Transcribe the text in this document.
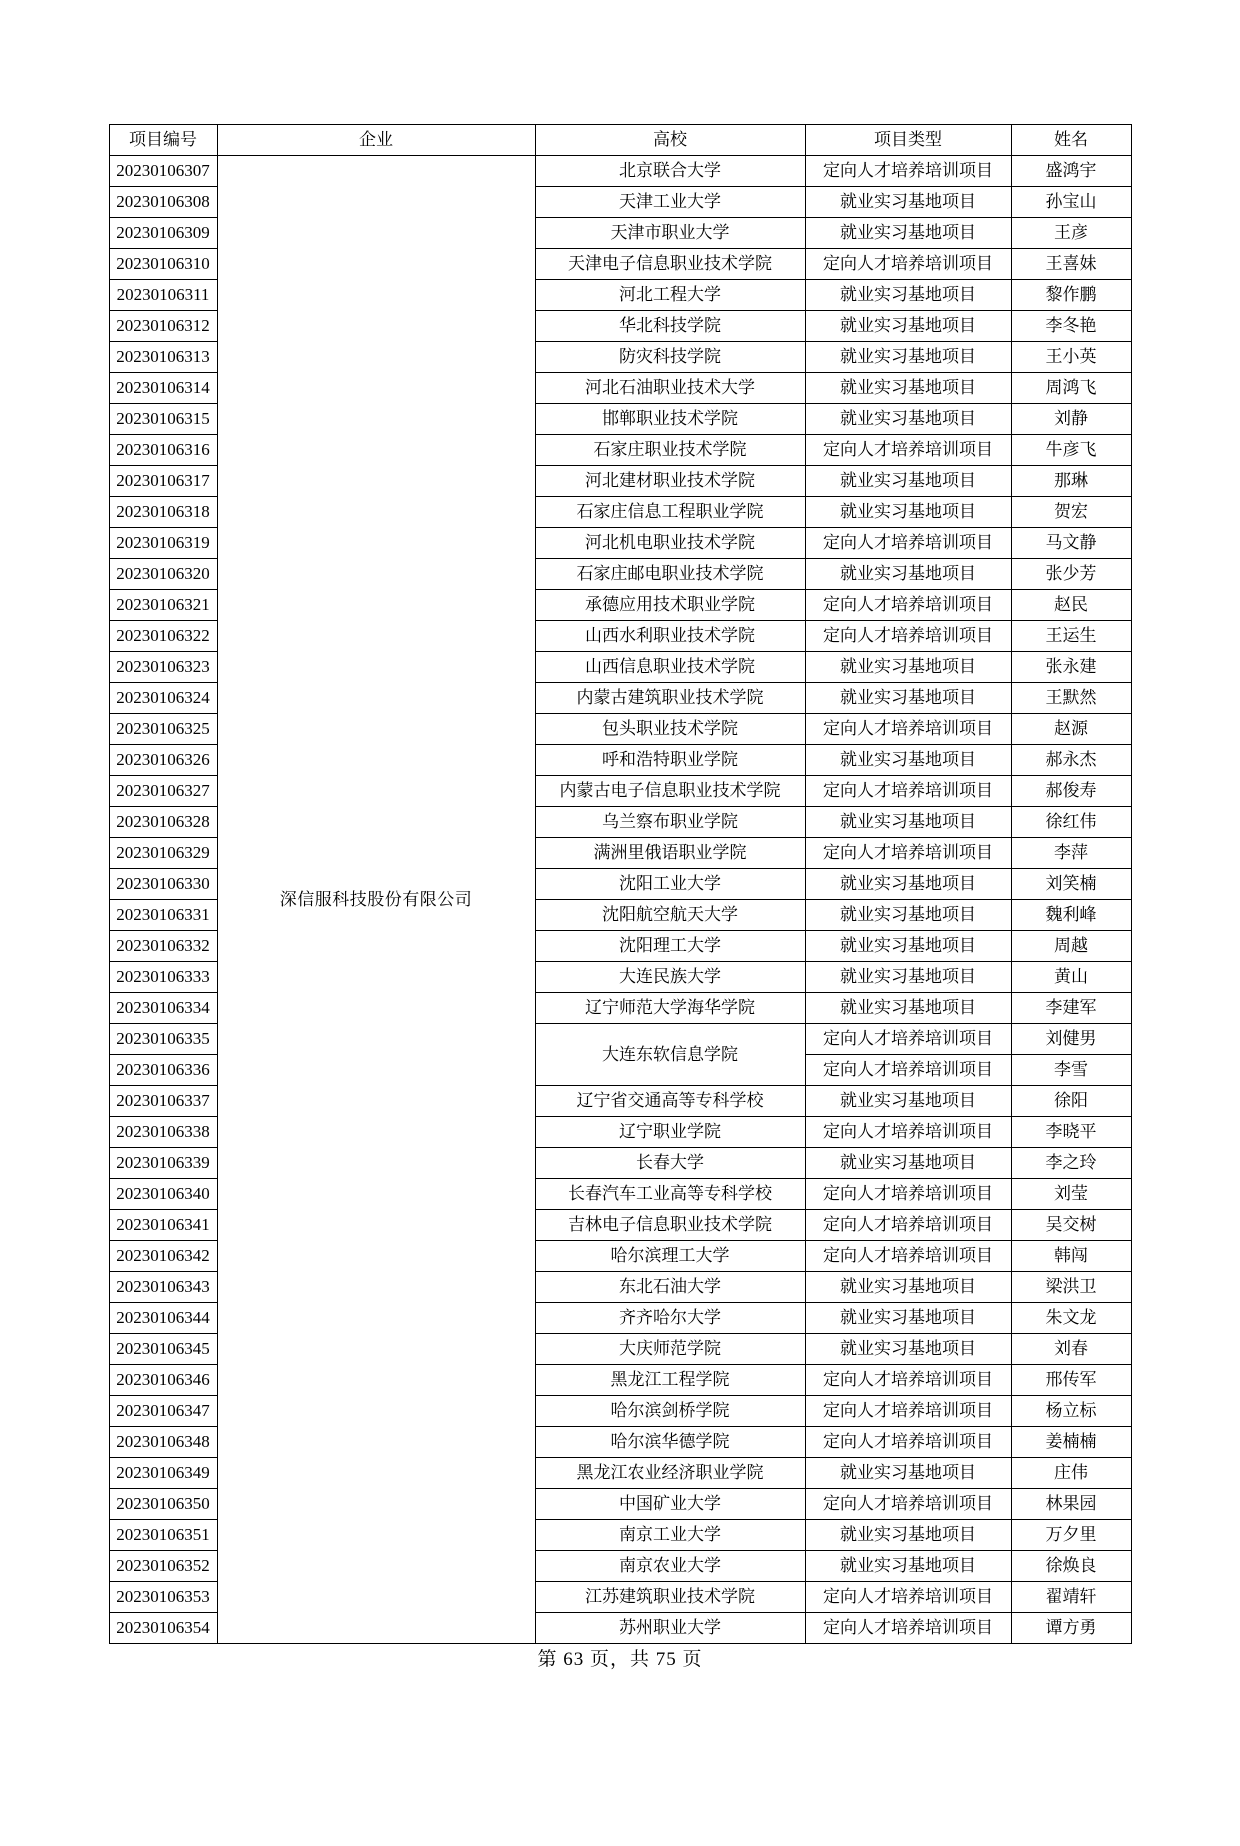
项目编号	企业	高校	项目类型	姓名
20230106307	深信服科技股份有限公司	北京联合大学	定向人才培养培训项目	盛鸿宇
20230106308		天津工业大学	就业实习基地项目	孙宝山
20230106309		天津市职业大学	就业实习基地项目	王彦
20230106310		天津电子信息职业技术学院	定向人才培养培训项目	王喜妹
20230106311		河北工程大学	就业实习基地项目	黎作鹏
20230106312		华北科技学院	就业实习基地项目	李冬艳
20230106313		防灾科技学院	就业实习基地项目	王小英
20230106314		河北石油职业技术大学	就业实习基地项目	周鸿飞
20230106315		邯郸职业技术学院	就业实习基地项目	刘静
20230106316		石家庄职业技术学院	定向人才培养培训项目	牛彦飞
20230106317		河北建材职业技术学院	就业实习基地项目	那琳
20230106318		石家庄信息工程职业学院	就业实习基地项目	贺宏
20230106319		河北机电职业技术学院	定向人才培养培训项目	马文静
20230106320		石家庄邮电职业技术学院	就业实习基地项目	张少芳
20230106321		承德应用技术职业学院	定向人才培养培训项目	赵民
20230106322		山西水利职业技术学院	定向人才培养培训项目	王运生
20230106323		山西信息职业技术学院	就业实习基地项目	张永建
20230106324		内蒙古建筑职业技术学院	就业实习基地项目	王默然
20230106325		包头职业技术学院	定向人才培养培训项目	赵源
20230106326		呼和浩特职业学院	就业实习基地项目	郝永杰
20230106327		内蒙古电子信息职业技术学院	定向人才培养培训项目	郝俊寿
20230106328		乌兰察布职业学院	就业实习基地项目	徐红伟
20230106329		满洲里俄语职业学院	定向人才培养培训项目	李萍
20230106330		沈阳工业大学	就业实习基地项目	刘笑楠
20230106331		沈阳航空航天大学	就业实习基地项目	魏利峰
20230106332		沈阳理工大学	就业实习基地项目	周越
20230106333		大连民族大学	就业实习基地项目	黄山
20230106334		辽宁师范大学海华学院	就业实习基地项目	李建军
20230106335		大连东软信息学院	定向人才培养培训项目	刘健男
20230106336			定向人才培养培训项目	李雪
20230106337		辽宁省交通高等专科学校	就业实习基地项目	徐阳
20230106338		辽宁职业学院	定向人才培养培训项目	李晓平
20230106339		长春大学	就业实习基地项目	李之玲
20230106340		长春汽车工业高等专科学校	定向人才培养培训项目	刘莹
20230106341		吉林电子信息职业技术学院	定向人才培养培训项目	吴交树
20230106342		哈尔滨理工大学	定向人才培养培训项目	韩闯
20230106343		东北石油大学	就业实习基地项目	梁洪卫
20230106344		齐齐哈尔大学	就业实习基地项目	朱文龙
20230106345		大庆师范学院	就业实习基地项目	刘春
20230106346		黑龙江工程学院	定向人才培养培训项目	邢传军
20230106347		哈尔滨剑桥学院	定向人才培养培训项目	杨立标
20230106348		哈尔滨华德学院	定向人才培养培训项目	姜楠楠
20230106349		黑龙江农业经济职业学院	就业实习基地项目	庄伟
20230106350		中国矿业大学	定向人才培养培训项目	林果园
20230106351		南京工业大学	就业实习基地项目	万夕里
20230106352		南京农业大学	就业实习基地项目	徐焕良
20230106353		江苏建筑职业技术学院	定向人才培养培训项目	翟靖轩
20230106354		苏州职业大学	定向人才培养培训项目	谭方勇
第 63 页，共 75 页
